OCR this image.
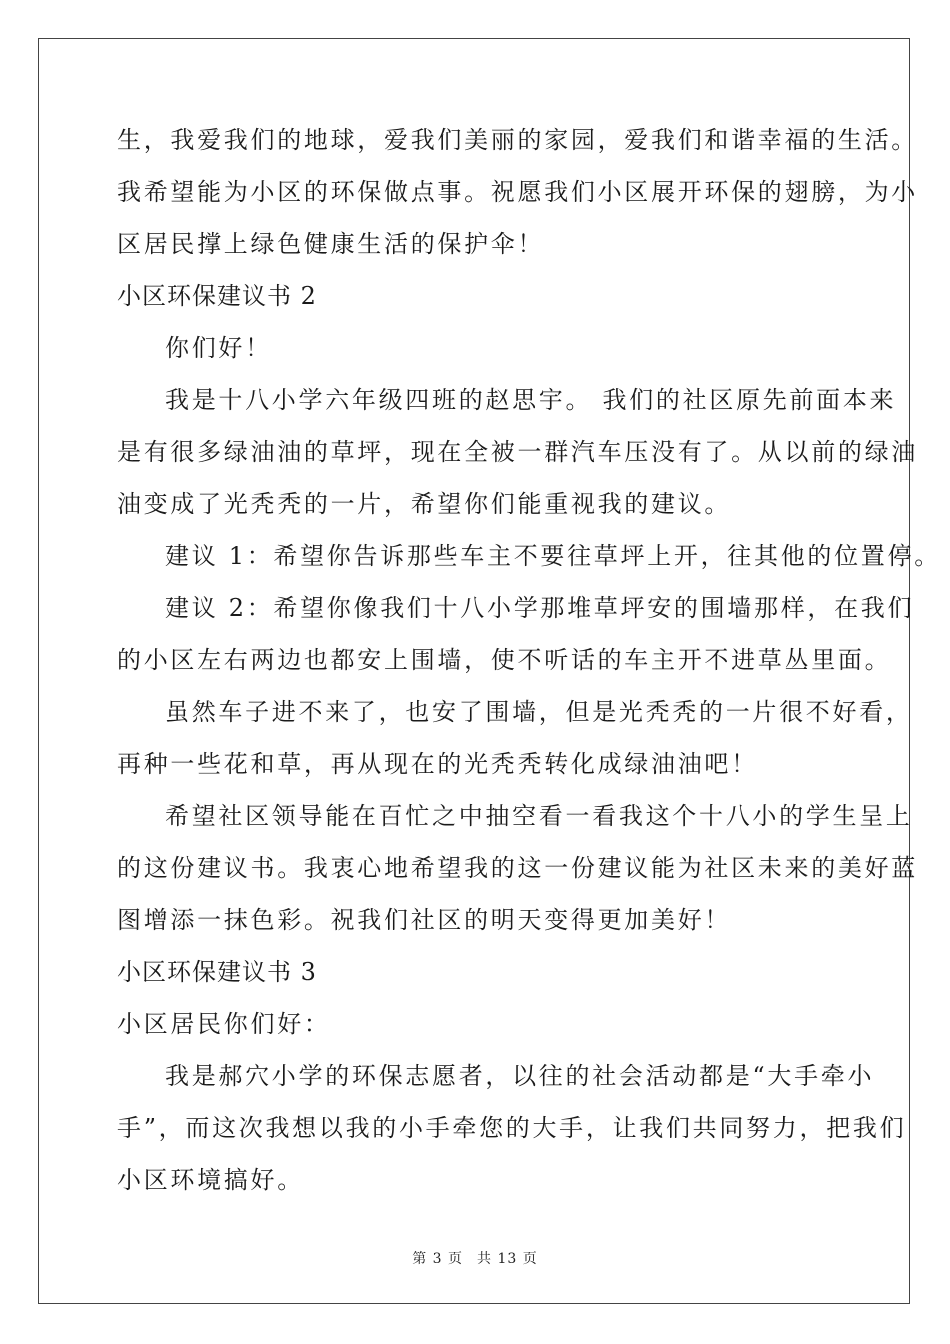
生，我爱我们的地球，爱我们美丽的家园，爱我们和谐幸福的生活。
我希望能为小区的环保做点事。祝愿我们小区展开环保的翅膀，为小
区居民撑上绿色健康生活的保护伞！
小区环保建议书 2
你们好！
我是十八小学六年级四班的赵思宇。 我们的社区原先前面本来
是有很多绿油油的草坪，现在全被一群汽车压没有了。从以前的绿油
油变成了光秃秃的一片，希望你们能重视我的建议。
建议 1：希望你告诉那些车主不要往草坪上开，往其他的位置停。
建议 2：希望你像我们十八小学那堆草坪安的围墙那样，在我们
的小区左右两边也都安上围墙，使不听话的车主开不进草丛里面。
虽然车子进不来了，也安了围墙，但是光秃秃的一片很不好看，
再种一些花和草，再从现在的光秃秃转化成绿油油吧！
希望社区领导能在百忙之中抽空看一看我这个十八小的学生呈上
的这份建议书。我衷心地希望我的这一份建议能为社区未来的美好蓝
图增添一抹色彩。祝我们社区的明天变得更加美好！
小区环保建议书 3
小区居民你们好：
我是郝穴小学的环保志愿者，以往的社会活动都是“大手牵小
手”，而这次我想以我的小手牵您的大手，让我们共同努力，把我们
小区环境搞好。
第 3 页 共 13 页
